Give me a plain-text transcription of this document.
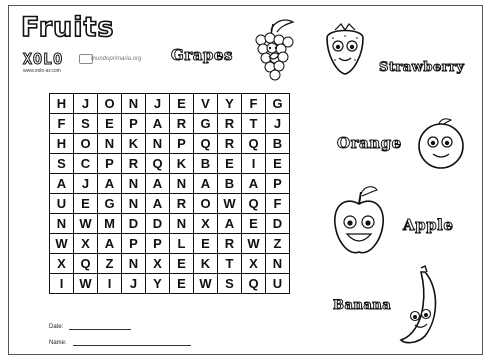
Fruits
XOLO
www.xolo-ar.com
mundoprimaria.org Grapes
Strawberry
Orange
Apple
Banana
H	J	O	N	J	E	V	Y	F	G
F	S	E	P	A	R	G	R	T	J
H	O	N	K	N	P	Q	R	Q	B
S	C	P	R	Q	K	B	E	I	E
A	J	A	N	A	N	A	B	A	P
U	E	G	N	A	R	O	W	Q	F
N	W	M	D	D	N	X	A	E	D
W	X	A	P	P	L	E	R	W	Z
X	Q	Z	N	X	E	K	T	X	N
I	W	I	J	Y	E	W	S	Q	U
Date:
Name:
